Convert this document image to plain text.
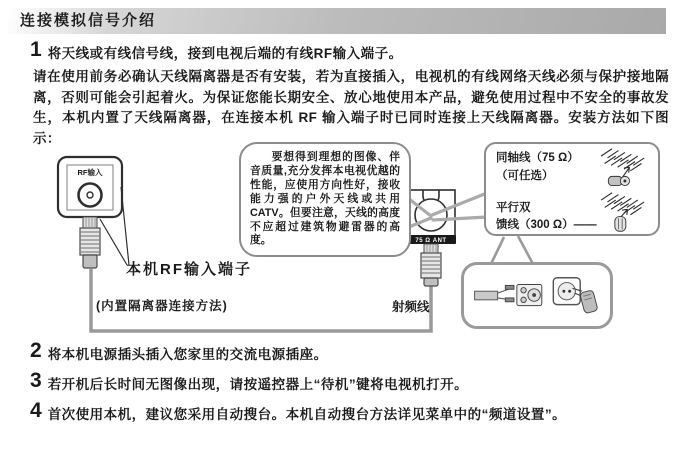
连接模拟信号介绍
1 将天线或有线信号线，接到电视后端的有线RF输入端子。
请在使用前务必确认天线隔离器是否有安装，若为直接插入，电视机的有线网络天线必须与保护接地隔离，否则可能会引起着火。为保证您能长期安全、放心地使用本产品，避免使用过程中不安全的事故发生，本机内置了天线隔离器，在连接本机 RF 输入端子时已同时连接上天线隔离器。安装方法如下图示：
75 Ω ANT
RF输入
本机RF输入端子
(内置隔离器连接方法)	射频线
要想得到理想的图像、伴音质量,充分发挥本电视优越的性能，应使用方向性好，接收能力强的户外天线或共用CATV。但要注意，天线的高度不应超过建筑物避雷器的高度。
同轴线（75 Ω）
（可任选）
平行双
馈线（300 Ω）——
2 将本机电源插头插入您家里的交流电源插座。
3 若开机后长时间无图像出现，请按遥控器上“待机”键将电视机打开。
4 首次使用本机，建议您采用自动搜台。本机自动搜台方法详见菜单中的“频道设置”。
